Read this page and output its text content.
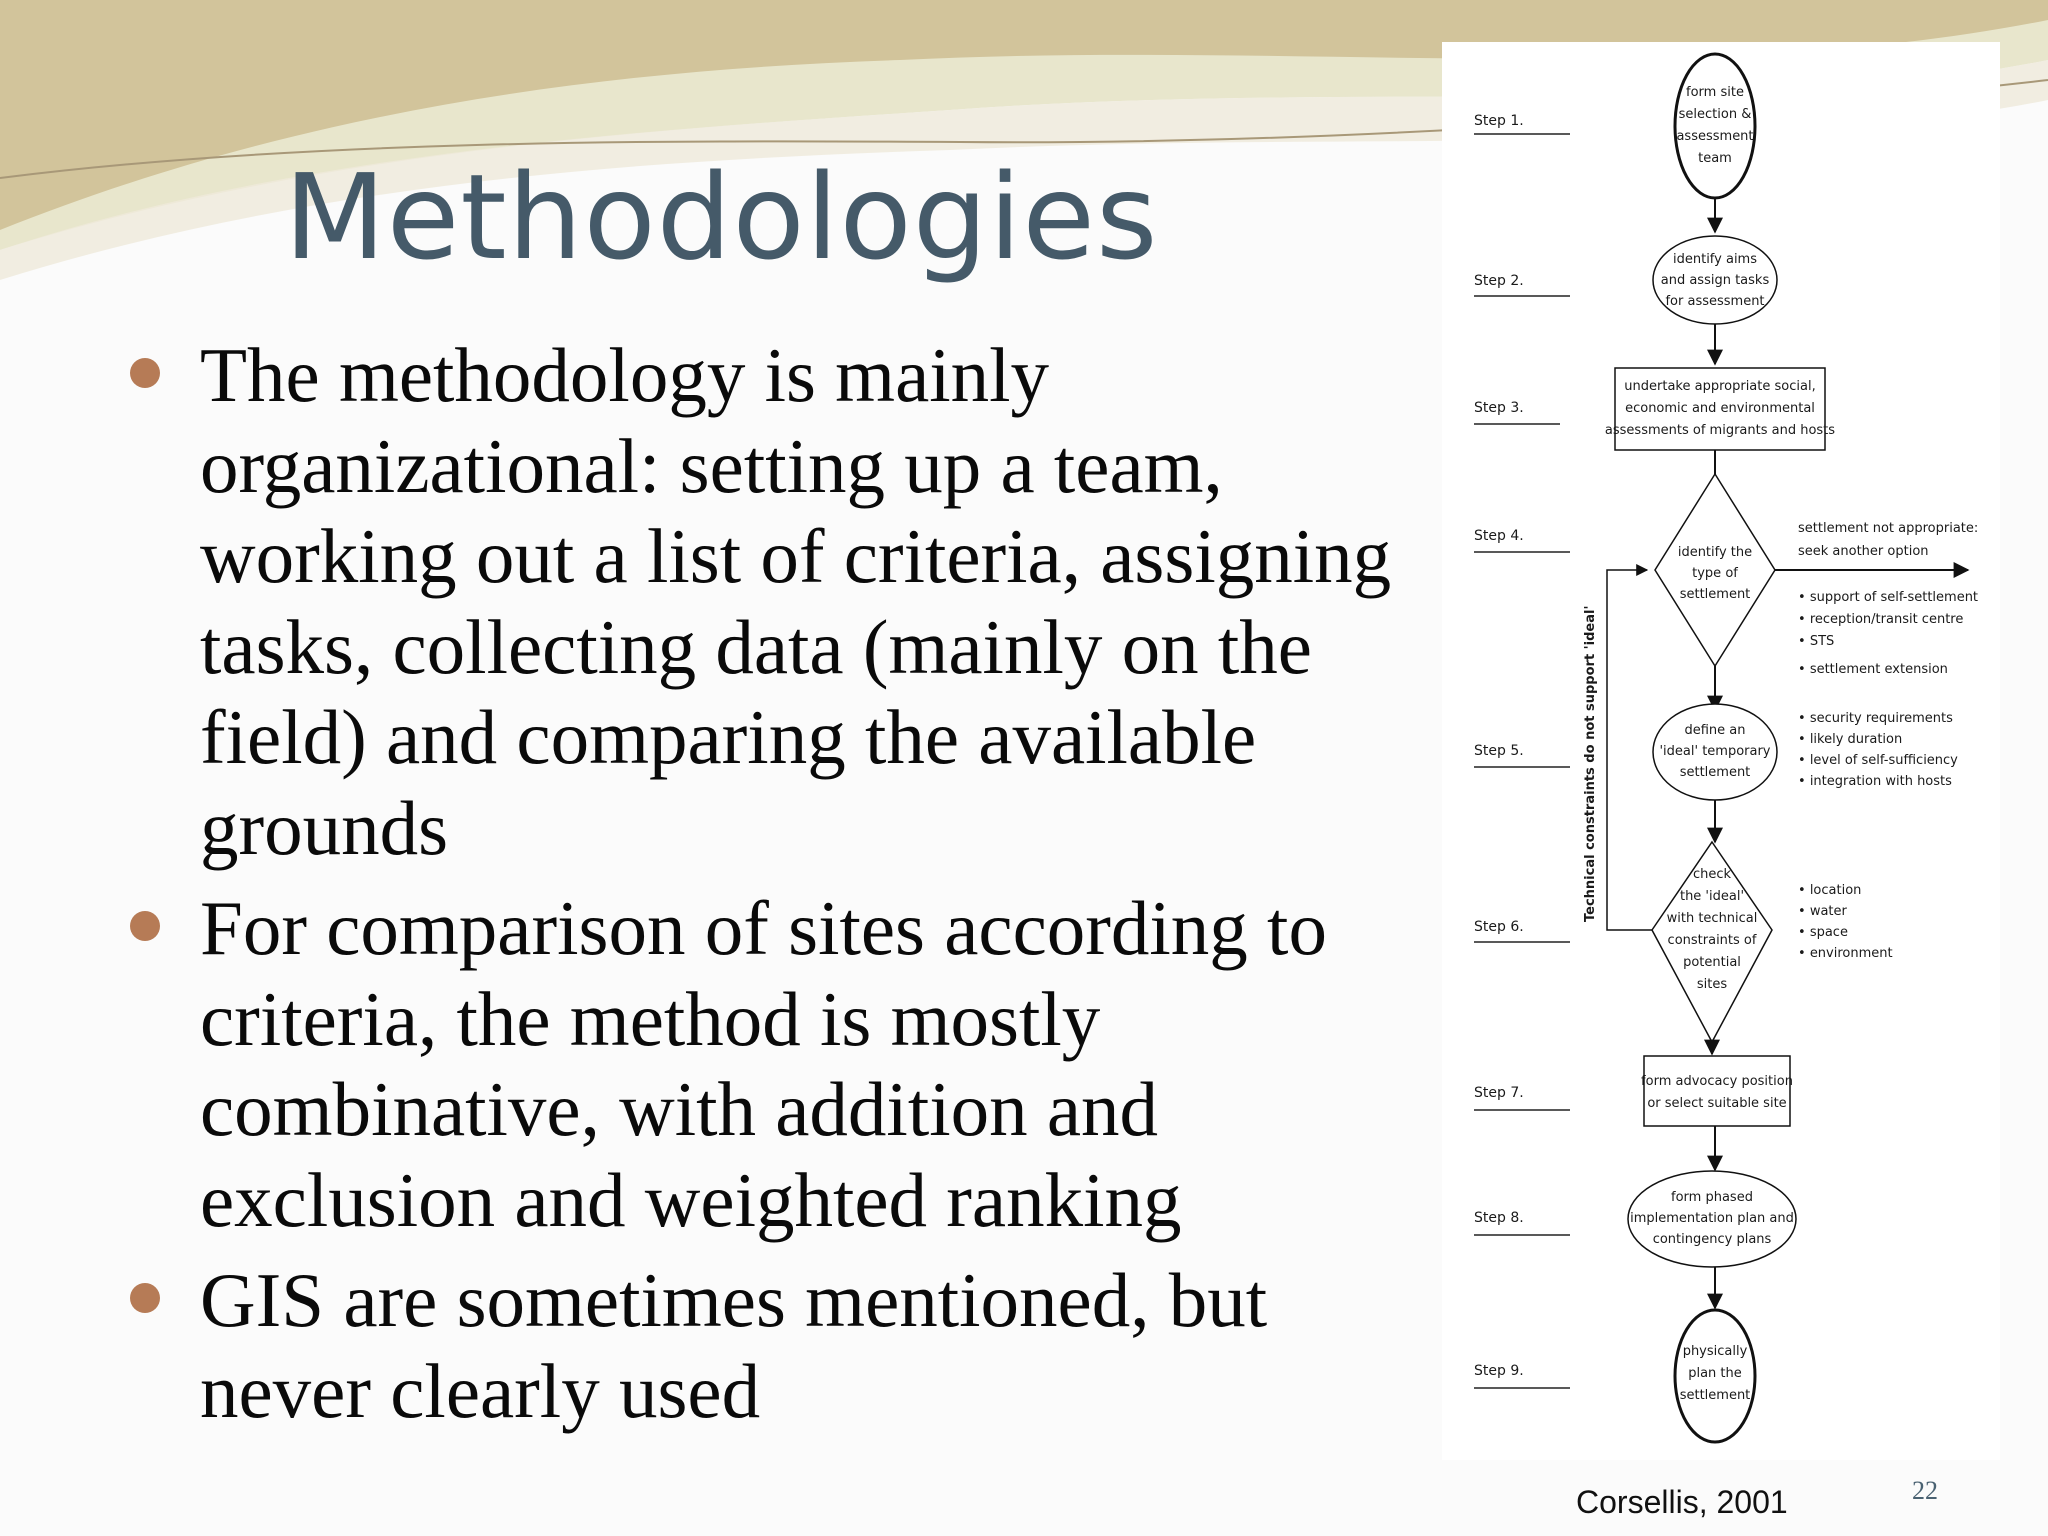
Methodologies
The methodology is mainly organizational: setting up a team, working out a list of criteria, assigning tasks, collecting data (mainly on the field) and comparing the available grounds
For comparison of sites according to criteria, the method is mostly combinative, with addition and exclusion and weighted ranking
GIS are sometimes mentioned, but never clearly used
Step 1.
Step 2.
Step 3.
Step 4.
Step 5.
Step 6.
Step 7.
Step 8.
Step 9.
form site
selection &
assessment
team
identify aims
and assign tasks
for assessment
undertake appropriate social,
economic and environmental
assessments of migrants and hosts
identify the
type of
settlement
settlement not appropriate:
seek another option
• support of self-settlement
• reception/transit centre
• STS
• settlement extension
define an
'ideal' temporary
settlement
• security requirements
• likely duration
• level of self-sufficiency
• integration with hosts
check
the 'ideal'
with technical
constraints of
potential
sites
• location
• water
• space
• environment
Technical constraints do not support 'ideal'
form advocacy position
or select suitable site
form phased
implementation plan and
contingency plans
physically
plan the
settlement
Corsellis, 2001	22
